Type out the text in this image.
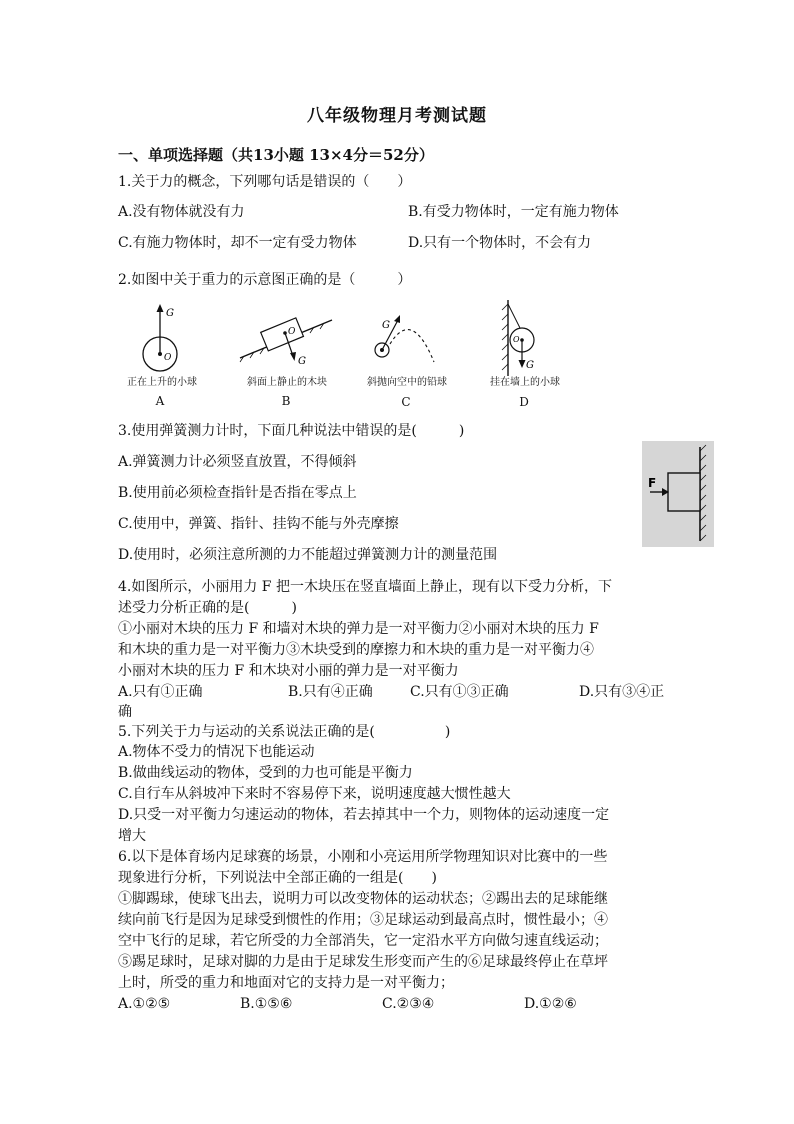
八年级物理月考测试题
一、单项选择题（共13小题 13×4分＝52分）
1.关于力的概念，下列哪句话是错误的（　　）
A.没有物体就没有力	B.有受力物体时，一定有施力物体
C.有施力物体时，却不一定有受力物体	D.只有一个物体时，不会有力
2.如图中关于重力的示意图正确的是（　　　）
G
O
O
G
G
O
G
正在上升的小球	斜面上静止的木块	斜抛向空中的铅球	挂在墙上的小球
A	B	C	D
3.使用弹簧测力计时，下面几种说法中错误的是(　　　)
A.弹簧测力计必须竖直放置，不得倾斜
B.使用前必须检查指针是否指在零点上
C.使用中，弹簧、指针、挂钩不能与外壳摩擦
D.使用时，必须注意所测的力不能超过弹簧测力计的测量范围
F
4.如图所示，小丽用力 F 把一木块压在竖直墙面上静止，现有以下受力分析，下
述受力分析正确的是(　　　)
①小丽对木块的压力 F 和墙对木块的弹力是一对平衡力②小丽对木块的压力 F
和木块的重力是一对平衡力③木块受到的摩擦力和木块的重力是一对平衡力④
小丽对木块的压力 F 和木块对小丽的弹力是一对平衡力
A.只有①正确	B.只有④正确	C.只有①③正确	D.只有③④正
确
5.下列关于力与运动的关系说法正确的是(　　　　　)
A.物体不受力的情况下也能运动
B.做曲线运动的物体，受到的力也可能是平衡力
C.自行车从斜坡冲下来时不容易停下来，说明速度越大惯性越大
D.只受一对平衡力匀速运动的物体，若去掉其中一个力，则物体的运动速度一定
增大
6.以下是体育场内足球赛的场景，小刚和小亮运用所学物理知识对比赛中的一些
现象进行分析，下列说法中全部正确的一组是(　　)
①脚踢球，使球飞出去，说明力可以改变物体的运动状态；②踢出去的足球能继
续向前飞行是因为足球受到惯性的作用；③足球运动到最高点时，惯性最小；④
空中飞行的足球，若它所受的力全部消失，它一定沿水平方向做匀速直线运动；
⑤踢足球时，足球对脚的力是由于足球发生形变而产生的⑥足球最终停止在草坪
上时，所受的重力和地面对它的支持力是一对平衡力；
A.①②⑤	B.①⑤⑥	C.②③④	D.①②⑥
